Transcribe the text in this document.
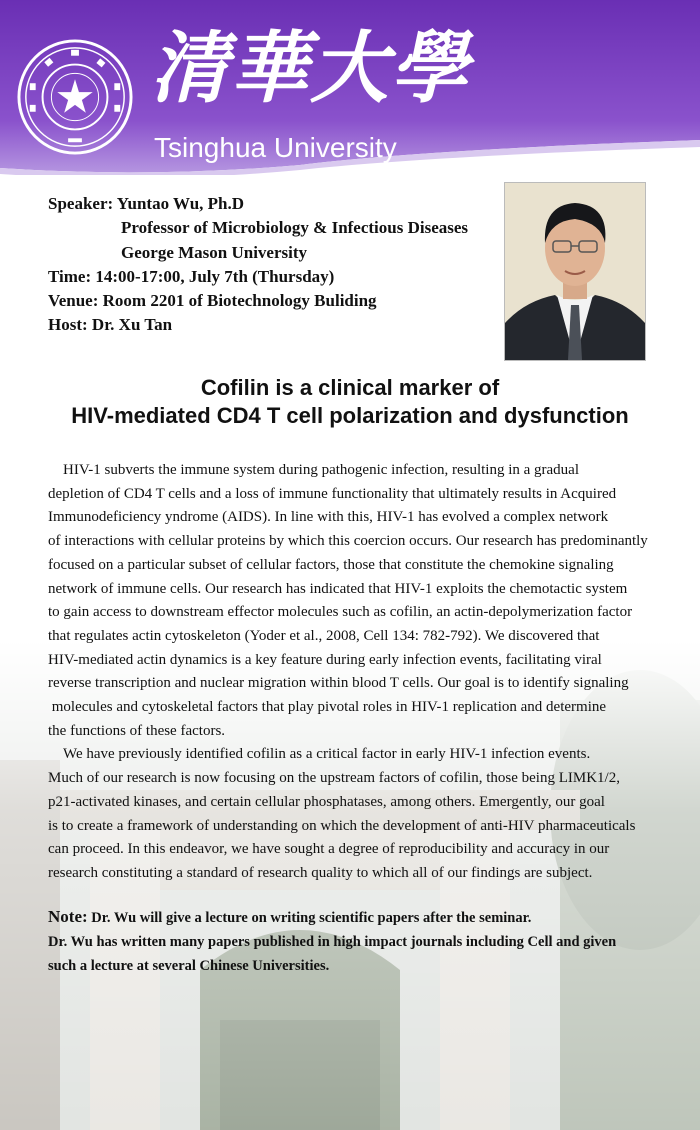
清華大學
Tsinghua University
Speaker: Yuntao Wu, Ph.D
Professor of Microbiology & Infectious Diseases
George Mason University
Time: 14:00-17:00, July 7th (Thursday)
Venue: Room 2201 of Biotechnology Buliding
Host: Dr. Xu Tan
Cofilin is a clinical marker of
HIV-mediated CD4 T cell polarization and dysfunction
HIV-1 subverts the immune system during pathogenic infection, resulting in a gradual
depletion of CD4 T cells and a loss of immune functionality that ultimately results in Acquired
Immunodeficiency yndrome (AIDS). In line with this, HIV-1 has evolved a complex network
of interactions with cellular proteins by which this coercion occurs. Our research has predominantly
focused on a particular subset of cellular factors, those that constitute the chemokine signaling
network of immune cells. Our research has indicated that HIV-1 exploits the chemotactic system
to gain access to downstream effector molecules such as cofilin, an actin-depolymerization factor
that regulates actin cytoskeleton (Yoder et al., 2008, Cell 134: 782-792). We discovered that
HIV-mediated actin dynamics is a key feature during early infection events, facilitating viral
reverse transcription and nuclear migration within blood T cells. Our goal is to identify signaling
molecules and cytoskeletal factors that play pivotal roles in HIV-1 replication and determine
the functions of these factors.
We have previously identified cofilin as a critical factor in early HIV-1 infection events.
Much of our research is now focusing on the upstream factors of cofilin, those being LIMK1/2,
p21-activated kinases, and certain cellular phosphatases, among others. Emergently, our goal
is to create a framework of understanding on which the development of anti-HIV pharmaceuticals
can proceed. In this endeavor, we have sought a degree of reproducibility and accuracy in our
research constituting a standard of research quality to which all of our findings are subject.
Note: Dr. Wu will give a lecture on writing scientific papers after the seminar.
Dr. Wu has written many papers published in high impact journals including Cell and given
such a lecture at several Chinese Universities.
